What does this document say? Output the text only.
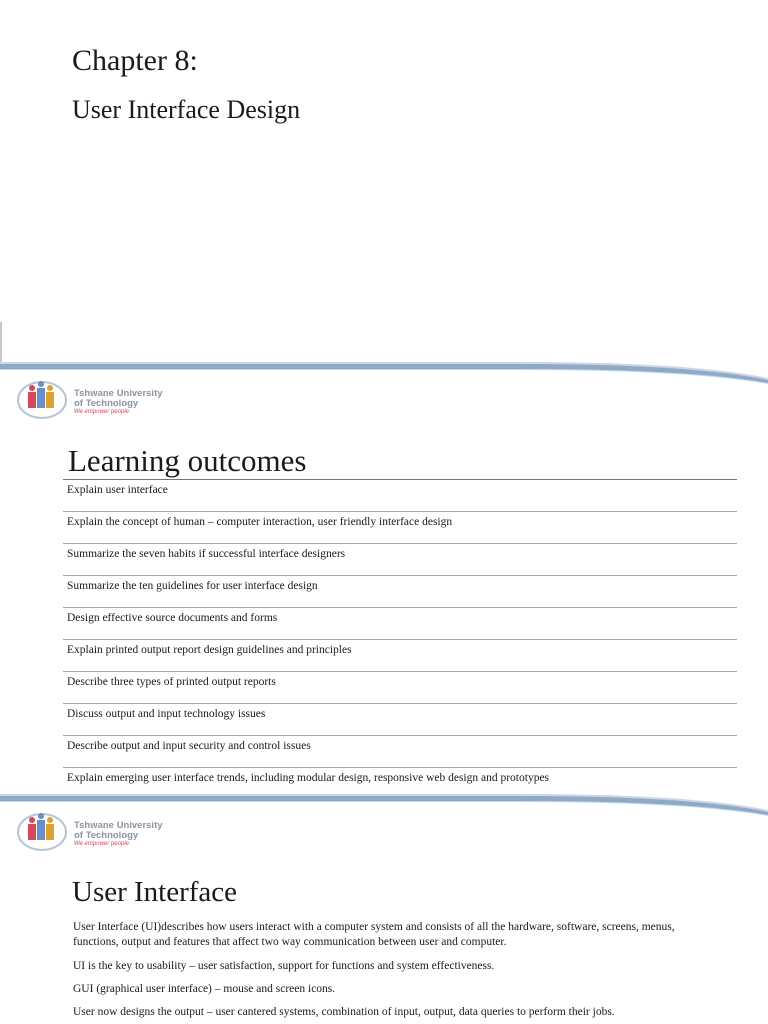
Chapter 8:
User Interface Design
Tshwane University
of Technology
We empower people
Learning outcomes
Explain user interface
Explain the concept of human – computer interaction, user friendly interface design
Summarize the seven habits if successful interface designers
Summarize the ten guidelines for user interface design
Design effective source documents and forms
Explain printed output report design guidelines and principles
Describe three types of printed output reports
Discuss output and input technology issues
Describe output and input security and control issues
Explain emerging user interface trends, including modular design, responsive web design and prototypes
Tshwane University
of Technology
We empower people
User Interface

User Interface (UI)describes how users interact with a computer system and consists of all the hardware, software, screens, menus, functions, output and features that affect two way communication between user and computer.

UI is the key to usability – user satisfaction, support for functions and system effectiveness.

GUI (graphical user interface) – mouse and screen icons.

User now designs the output – user cantered systems, combination of input, output, data queries to perform their jobs.
